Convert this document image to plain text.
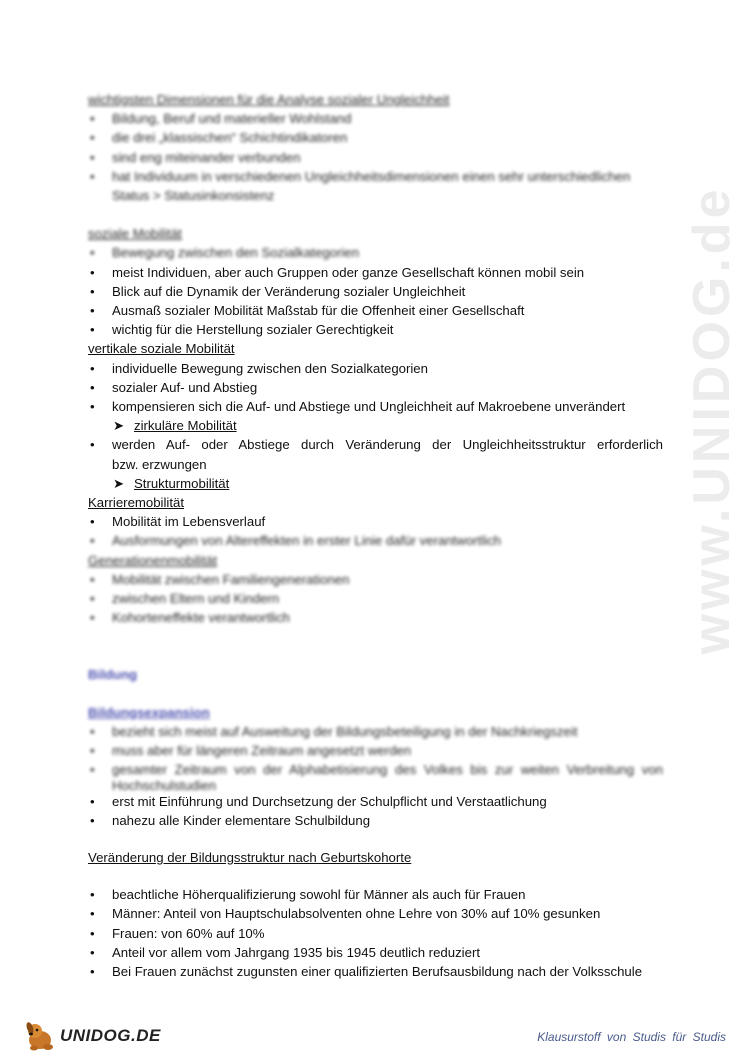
www.UNIDOG.de
wichtigsten Dimensionen für die Analyse sozialer Ungleichheit
• Bildung, Beruf und materieller Wohlstand
• die drei „klassischen“ Schichtindikatoren
• sind eng miteinander verbunden
• hat Individuum in verschiedenen Ungleichheitsdimensionen einen sehr unterschiedlichen
Status > Statusinkonsistenz
soziale Mobilität
• Bewegung zwischen den Sozialkategorien
• meist Individuen, aber auch Gruppen oder ganze Gesellschaft können mobil sein
• Blick auf die Dynamik der Veränderung sozialer Ungleichheit
• Ausmaß sozialer Mobilität Maßstab für die Offenheit einer Gesellschaft
• wichtig für die Herstellung sozialer Gerechtigkeit
vertikale soziale Mobilität
• individuelle Bewegung zwischen den Sozialkategorien
• sozialer Auf- und Abstieg
• kompensieren sich die Auf- und Abstiege und Ungleichheit auf Makroebene unverändert
➤ zirkuläre Mobilität
• werden Auf- oder Abstiege durch Veränderung der Ungleichheitsstruktur erforderlich
bzw. erzwungen
➤ Strukturmobilität
Karrieremobilität
• Mobilität im Lebensverlauf
• Ausformungen von Altereffekten in erster Linie dafür verantwortlich
Generationenmobilität
• Mobilität zwischen Familiengenerationen
• zwischen Eltern und Kindern
• Kohorteneffekte verantwortlich
Bildung
Bildungsexpansion
• bezieht sich meist auf Ausweitung der Bildungsbeteiligung in der Nachkriegszeit
• muss aber für längeren Zeitraum angesetzt werden
• gesamter Zeitraum von der Alphabetisierung des Volkes bis zur weiten Verbreitung von
Hochschulstudien
• erst mit Einführung und Durchsetzung der Schulpflicht und Verstaatlichung
• nahezu alle Kinder elementare Schulbildung
Veränderung der Bildungsstruktur nach Geburtskohorte
• beachtliche Höherqualifizierung sowohl für Männer als auch für Frauen
• Männer: Anteil von Hauptschulabsolventen ohne Lehre von 30% auf 10% gesunken
• Frauen: von 60% auf 10%
• Anteil vor allem vom Jahrgang 1935 bis 1945 deutlich reduziert
• Bei Frauen zunächst zugunsten einer qualifizierten Berufsausbildung nach der Volksschule
UNIDOG.DE	Klausurstoff von Studis für Studis
